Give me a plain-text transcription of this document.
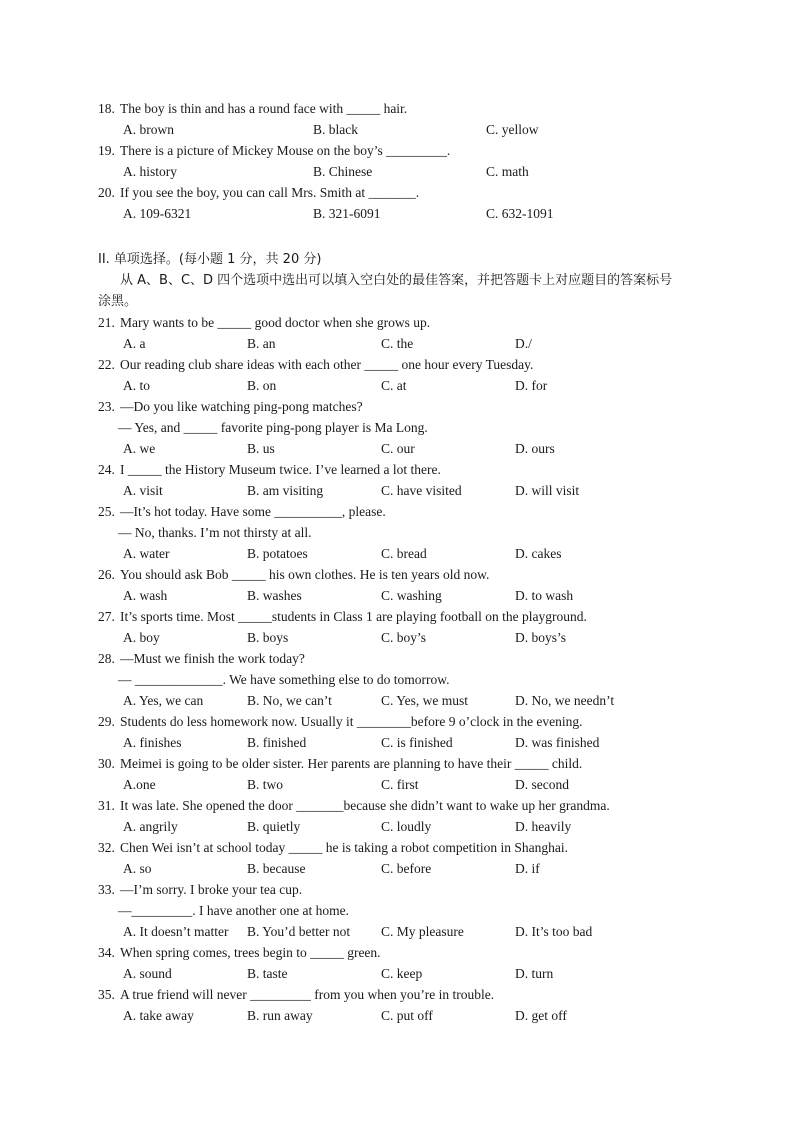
18. The boy is thin and has a round face with _____ hair.
A. brown	B. black	C. yellow
19. There is a picture of Mickey Mouse on the boy’s _________.
A. history	B. Chinese	C. math
20. If you see the boy, you can call Mrs. Smith at _______.
A. 109-6321	B. 321-6091	C. 632-1091
II. 单项选择。(每小题 1 分，共 20 分)
从 A、B、C、D 四个选项中选出可以填入空白处的最佳答案，并把答题卡上对应题目的答案标号
涂黑。
21. Mary wants to be _____ good doctor when she grows up.
A. a	B. an	C. the	D./
22. Our reading club share ideas with each other _____ one hour every Tuesday.
A. to	B. on	C. at	D. for
23. —Do you like watching ping-pong matches?
— Yes, and _____ favorite ping-pong player is Ma Long.
A. we	B. us	C. our	D. ours
24. I _____ the History Museum twice. I’ve learned a lot there.
A. visit	B. am visiting	C. have visited	D. will visit
25. —It’s hot today. Have some __________, please.
— No, thanks. I’m not thirsty at all.
A. water	B. potatoes	C. bread	D. cakes
26. You should ask Bob _____ his own clothes. He is ten years old now.
A. wash	B. washes	C. washing	D. to wash
27. It’s sports time. Most _____students in Class 1 are playing football on the playground.
A. boy	B. boys	C. boy’s	D. boys’s
28. —Must we finish the work today?
— _____________. We have something else to do tomorrow.
A. Yes, we can	B. No, we can’t	C. Yes, we must	D. No, we needn’t
29. Students do less homework now. Usually it ________before 9 o’clock in the evening.
A. finishes	B. finished	C. is finished	D. was finished
30. Meimei is going to be older sister. Her parents are planning to have their _____ child.
A.one	B. two	C. first	D. second
31. It was late. She opened the door _______because she didn’t want to wake up her grandma.
A. angrily	B. quietly	C. loudly	D. heavily
32. Chen Wei isn’t at school today _____ he is taking a robot competition in Shanghai.
A. so	B. because	C. before	D. if
33. —I’m sorry. I broke your tea cup.
—_________. I have another one at home.
A. It doesn’t matter B. You’d better not C. My pleasure	D. It’s too bad
34. When spring comes, trees begin to _____ green.
A. sound	B. taste	C. keep	D. turn
35. A true friend will never _________ from you when you’re in trouble.
A. take away	B. run away	C. put off	D. get off
